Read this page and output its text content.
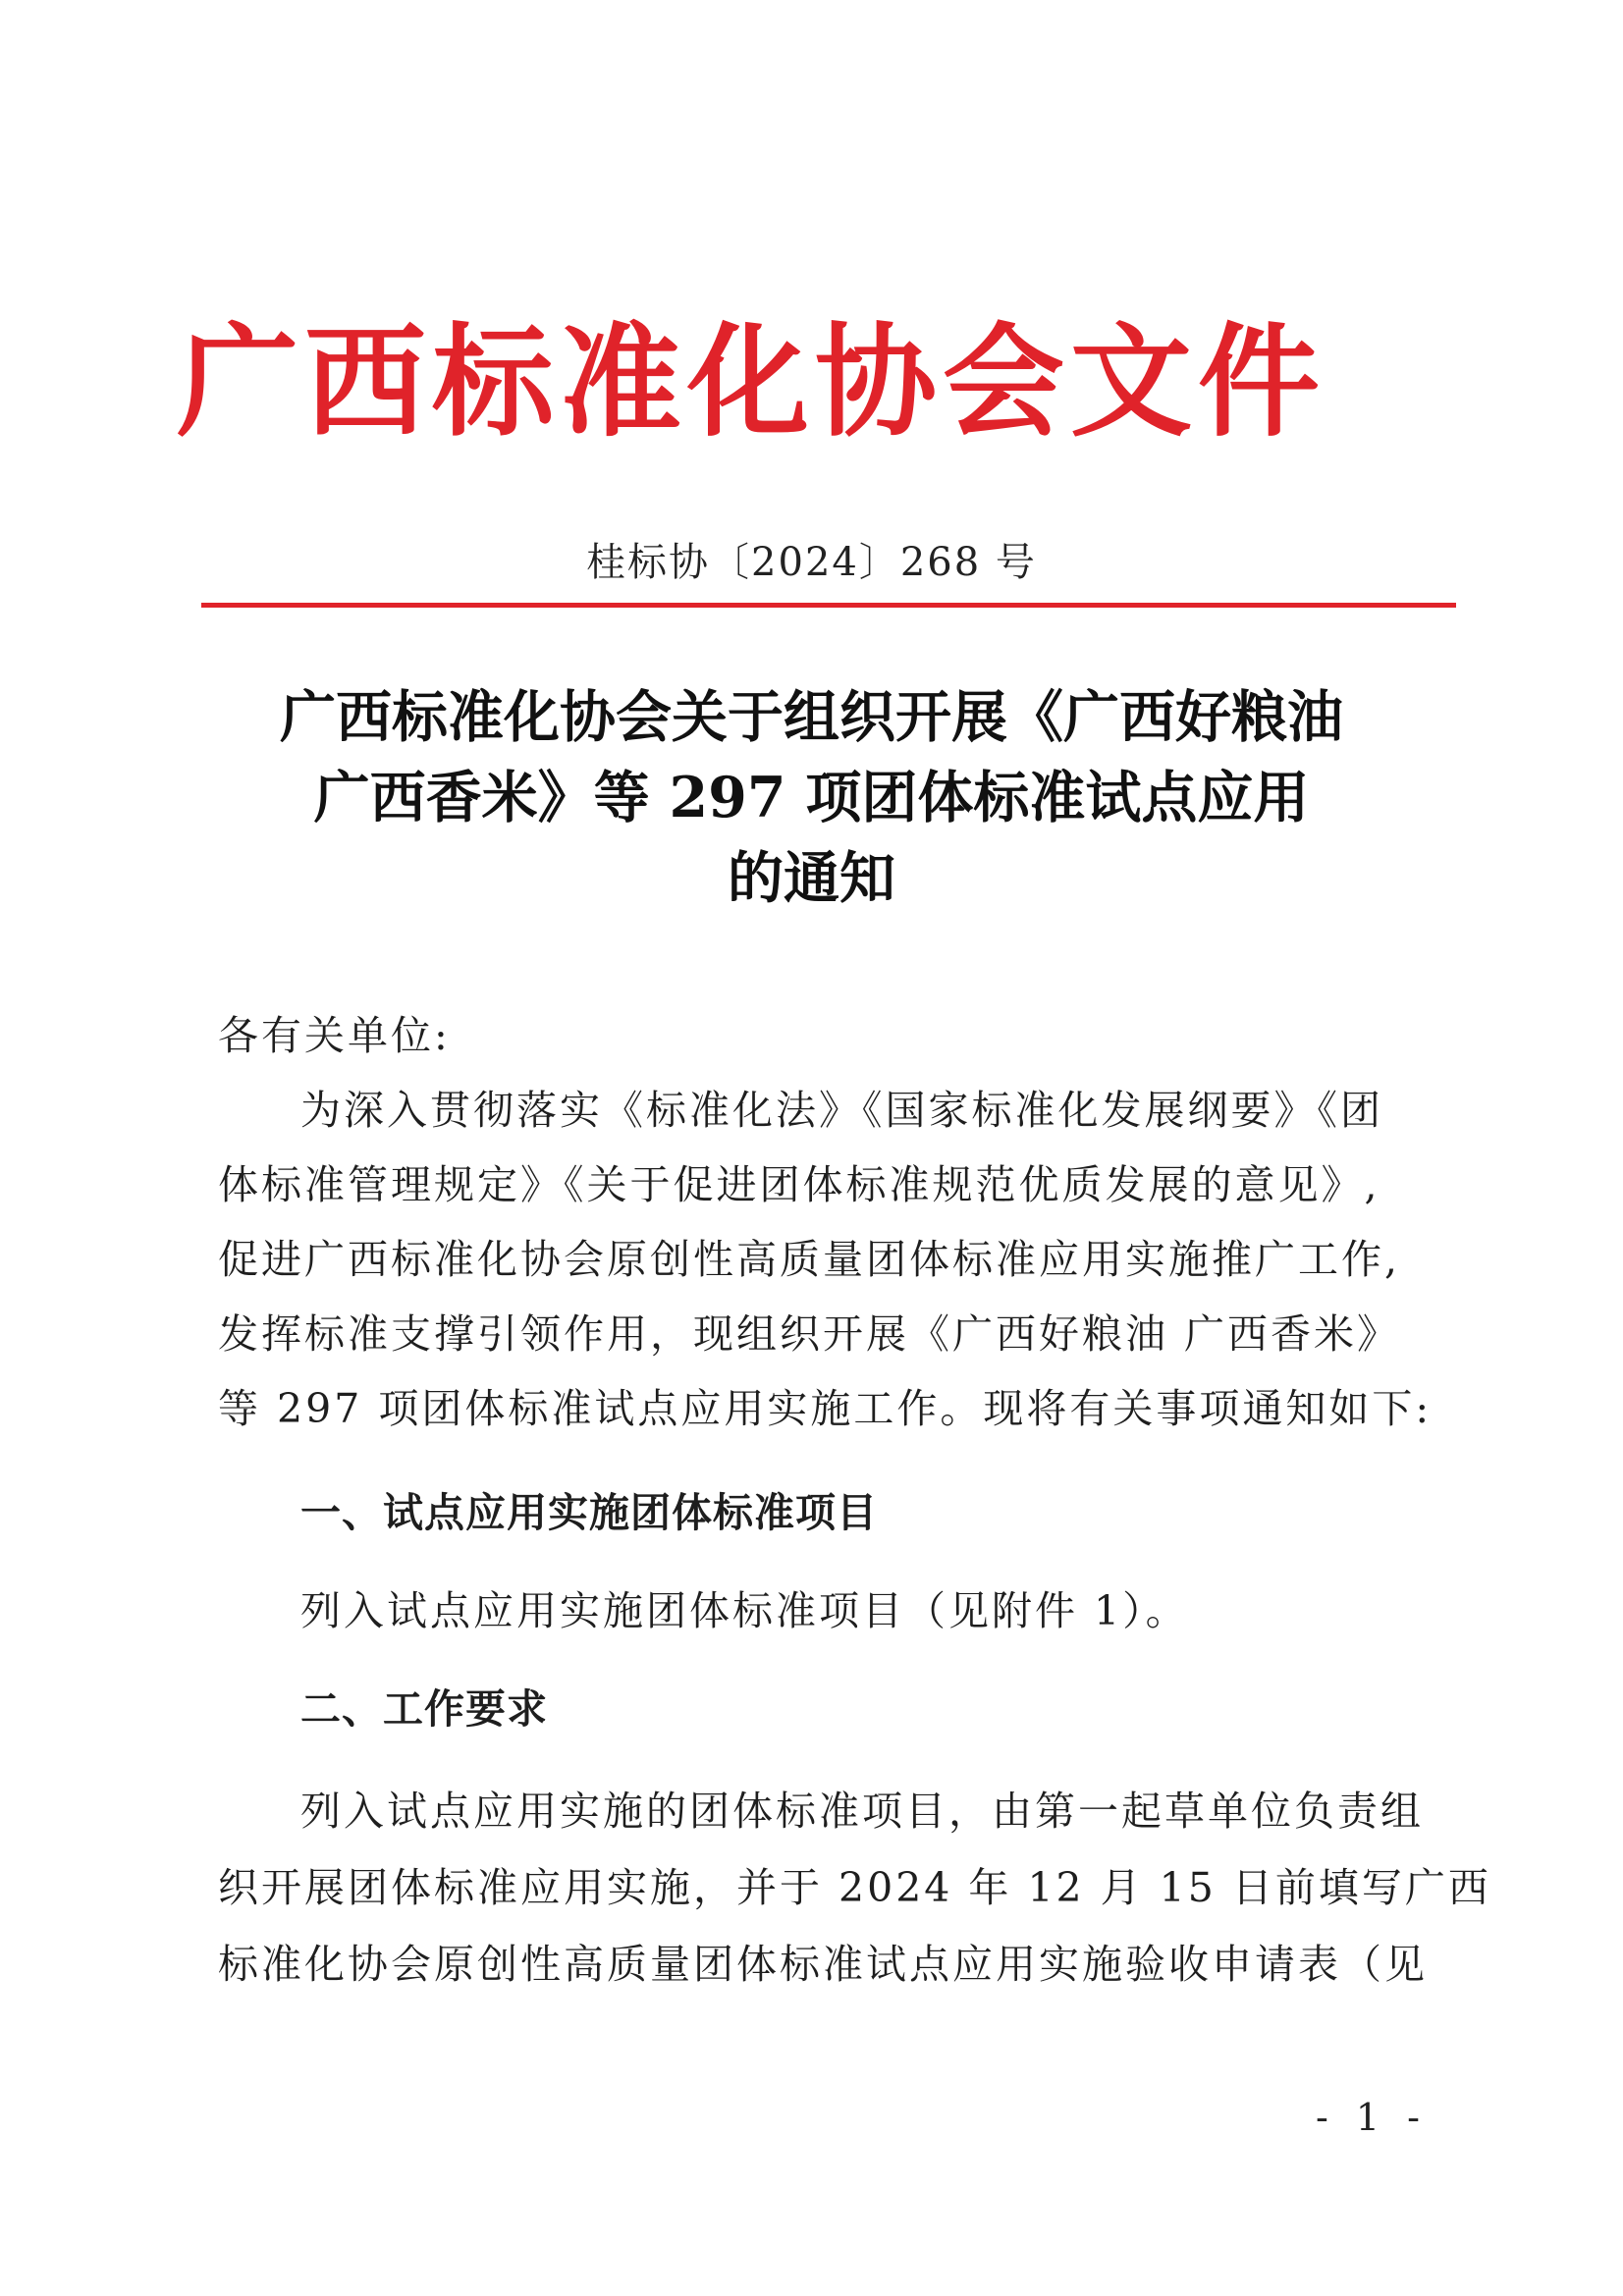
广西标准化协会文件
桂标协〔2024〕268 号
广西标准化协会关于组织开展《广西好粮油
广西香米》等 297 项团体标准试点应用
的通知
各有关单位:
为深入贯彻落实《标准化法》《国家标准化发展纲要》《团
体标准管理规定》《关于促进团体标准规范优质发展的意见》,
促进广西标准化协会原创性高质量团体标准应用实施推广工作,
发挥标准支撑引领作用，现组织开展《广西好粮油 广西香米》
等 297 项团体标准试点应用实施工作。现将有关事项通知如下:
一、试点应用实施团体标准项目
列入试点应用实施团体标准项目（见附件 1）。
二、工作要求
列入试点应用实施的团体标准项目，由第一起草单位负责组
织开展团体标准应用实施，并于 2024 年 12 月 15 日前填写广西
标准化协会原创性高质量团体标准试点应用实施验收申请表（见
- 1 -
